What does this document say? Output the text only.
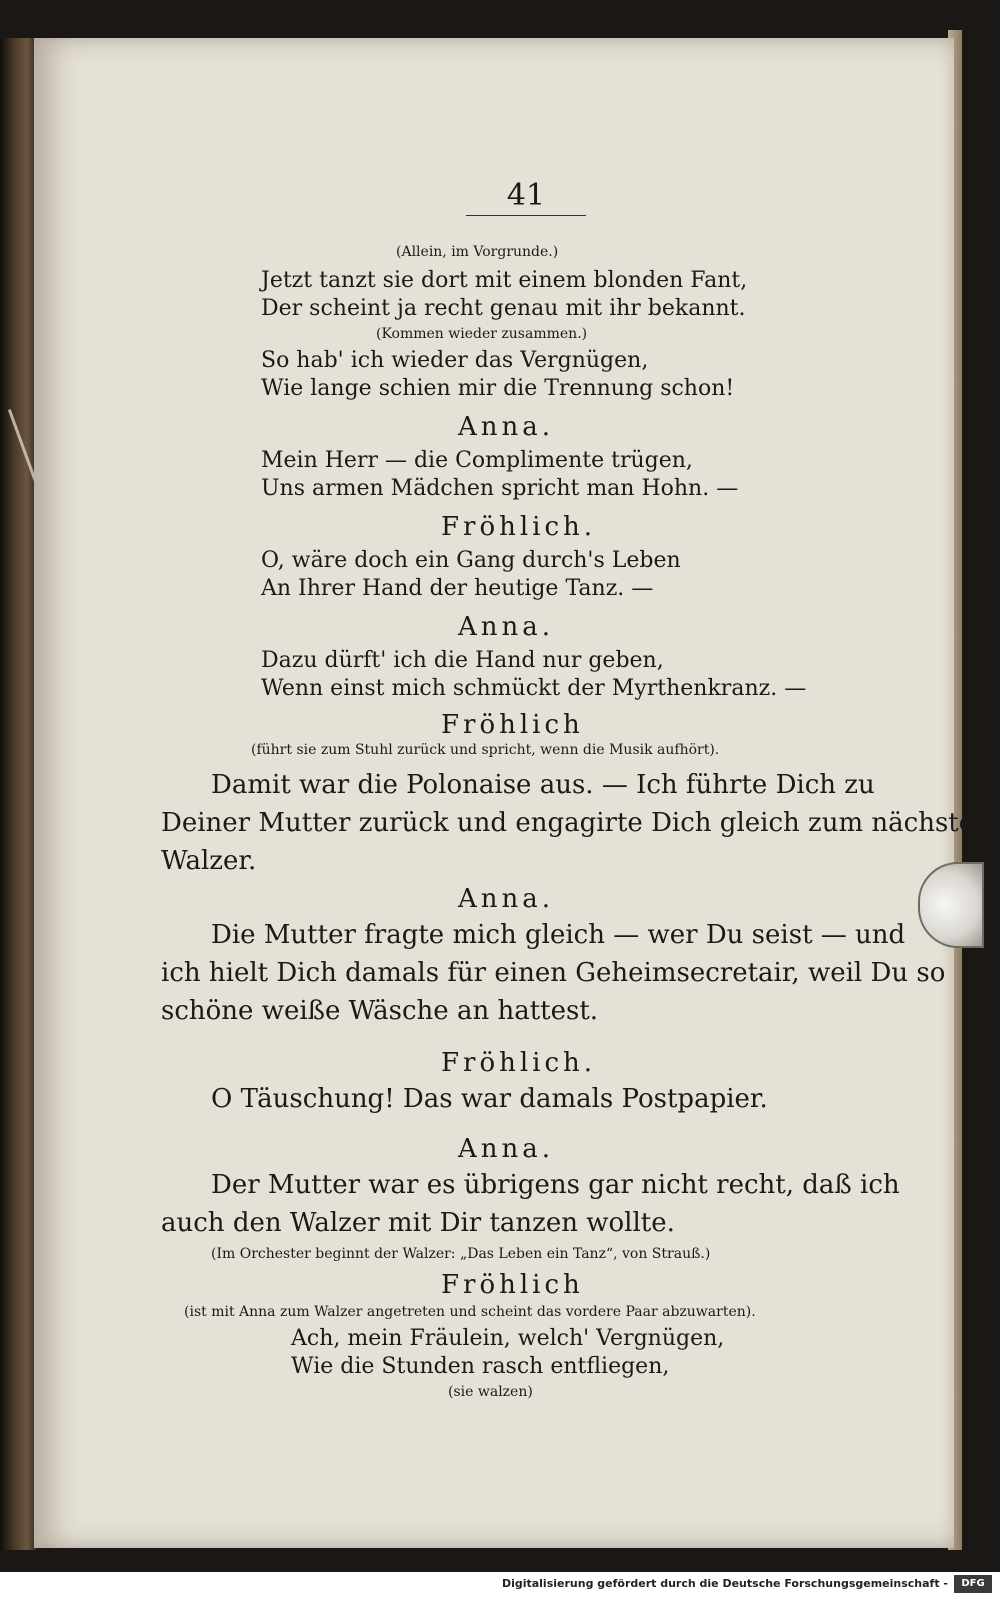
41
(Allein, im Vorgrunde.)
Jetzt tanzt sie dort mit einem blonden Fant,
Der scheint ja recht genau mit ihr bekannt.
(Kommen wieder zusammen.)
So hab' ich wieder das Vergnügen,
Wie lange schien mir die Trennung schon!
Anna.
Mein Herr — die Complimente trügen,
Uns armen Mädchen spricht man Hohn. —
Fröhlich.
O, wäre doch ein Gang durch's Leben
An Ihrer Hand der heutige Tanz. —
Anna.
Dazu dürft' ich die Hand nur geben,
Wenn einst mich schmückt der Myrthenkranz. —
Fröhlich
(führt sie zum Stuhl zurück und spricht, wenn die Musik aufhört).
Damit war die Polonaise aus. — Ich führte Dich zu
Deiner Mutter zurück und engagirte Dich gleich zum nächsten
Walzer.
Anna.
Die Mutter fragte mich gleich — wer Du seist — und
ich hielt Dich damals für einen Geheimsecretair, weil Du so
schöne weiße Wäsche an hattest.
Fröhlich.
O Täuschung! Das war damals Postpapier.
Anna.
Der Mutter war es übrigens gar nicht recht, daß ich
auch den Walzer mit Dir tanzen wollte.
(Im Orchester beginnt der Walzer: „Das Leben ein Tanz“, von Strauß.)
Fröhlich
(ist mit Anna zum Walzer angetreten und scheint das vordere Paar abzuwarten).
Ach, mein Fräulein, welch' Vergnügen,
Wie die Stunden rasch entfliegen,
(sie walzen)
Digitalisierung gefördert durch die Deutsche Forschungsgemeinschaft -	DFG
